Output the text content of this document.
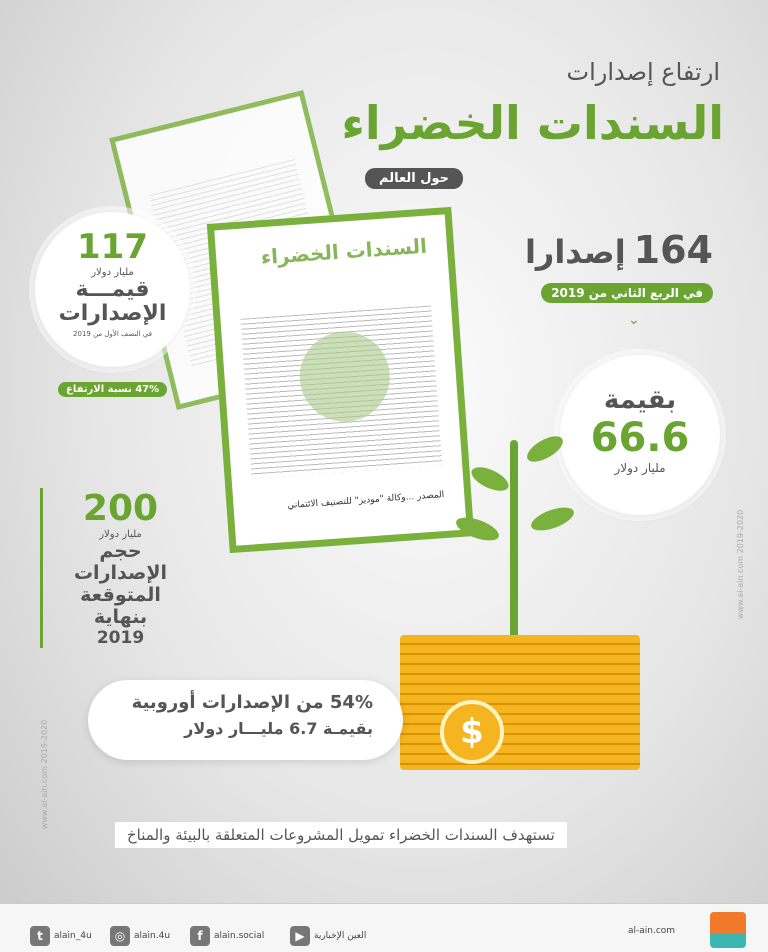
ارتفاع إصدارات
السندات الخضراء
حول العالم
السندات الخضراء
المصدر ...وكالة "موديز" للتصنيف الائتماني
164
إصدارا
في الربع الثاني من 2019
⌄
بقيمة
66.6
مليار دولار
117
مليار دولار
قيمـــة
الإصدارات
في النصف الأول من 2019
47% نسبة الارتفاع
200
مليار دولار
حجم الإصدارات
المتوقعة بنهاية
2019
54% من الإصدارات أوروبية
بقيمـة 6.7 مليـــار دولار	$
تستهدف السندات الخضراء تمويل المشروعات المتعلقة بالبيئة والمناخ
www.al-ain.com 2019-2020
www.al-ain.com 2019-2020
t	alain_4u	◎ alain.4u	f	alain.social	▶	العين الإخبارية	al-ain.com
